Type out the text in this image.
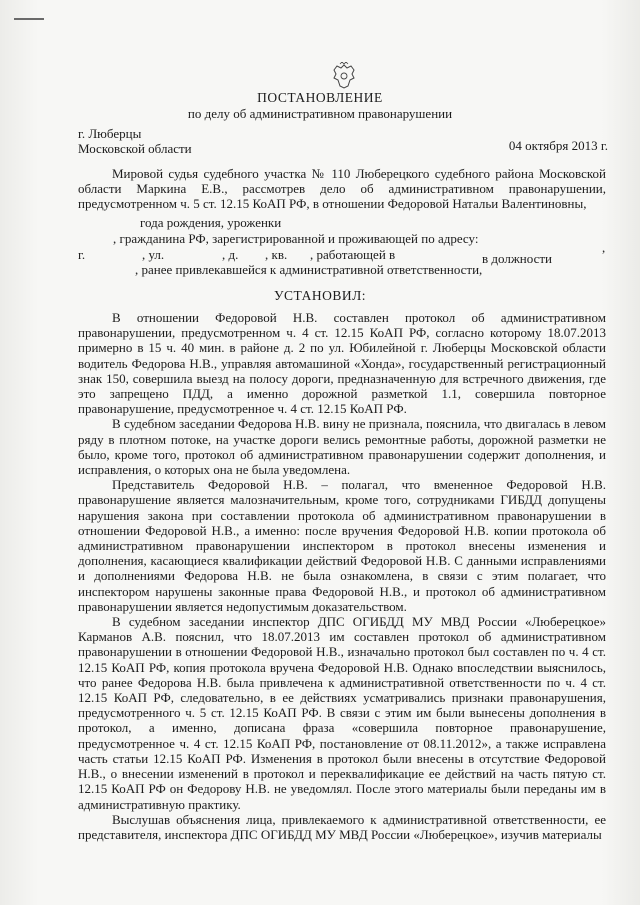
ПОСТАНОВЛЕНИЕ
по делу об административном правонарушении
г. Люберцы
Московской области	04 октября 2013 г.

Мировой судья судебного участка № 110 Люберецкого судебного района Московской области Маркина Е.В., рассмотрев дело об административном правонарушении, предусмотренном ч. 5 ст. 12.15 КоАП РФ, в отношении Федоровой Натальи Валентиновны,

года рождения, уроженки
, гражданина РФ, зарегистрированной и проживающей по адресу:
г.	, ул.	, д. , кв. , работающей в	в должности
,
, ранее привлекавшейся к административной ответственности,
УСТАНОВИЛ:

В отношении Федоровой Н.В. составлен протокол об административном правонарушении, предусмотренном ч. 4 ст. 12.15 КоАП РФ, согласно которому 18.07.2013 примерно в 15 ч. 40 мин. в районе д. 2 по ул. Юбилейной г. Люберцы Московской области водитель Федорова Н.В., управляя автомашиной «Хонда», государственный регистрационный знак 150, совершила выезд на полосу дороги, предназначенную для встречного движения, где это запрещено ПДД, а именно дорожной разметкой 1.1, совершила повторное правонарушение, предусмотренное ч. 4 ст. 12.15 КоАП РФ.

В судебном заседании Федорова Н.В. вину не признала, пояснила, что двигалась в левом ряду в плотном потоке, на участке дороги велись ремонтные работы, дорожной разметки не было, кроме того, протокол об административном правонарушении содержит дополнения, и исправления, о которых она не была уведомлена.

Представитель Федоровой Н.В. – полагал, что вмененное Федоровой Н.В. правонарушение является малозначительным, кроме того, сотрудниками ГИБДД допущены нарушения закона при составлении протокола об административном правонарушении в отношении Федоровой Н.В., а именно: после вручения Федоровой Н.В. копии протокола об административном правонарушении инспектором в протокол внесены изменения и дополнения, касающиеся квалификации действий Федоровой Н.В. С данными исправлениями и дополнениями Федорова Н.В. не была ознакомлена, в связи с этим полагает, что инспектором нарушены законные права Федоровой Н.В., и протокол об административном правонарушении является недопустимым доказательством.

В судебном заседании инспектор ДПС ОГИБДД МУ МВД России «Люберецкое» Карманов А.В. пояснил, что 18.07.2013 им составлен протокол об административном правонарушении в отношении Федоровой Н.В., изначально протокол был составлен по ч. 4 ст. 12.15 КоАП РФ, копия протокола вручена Федоровой Н.В. Однако впоследствии выяснилось, что ранее Федорова Н.В. была привлечена к административной ответственности по ч. 4 ст. 12.15 КоАП РФ, следовательно, в ее действиях усматривались признаки правонарушения, предусмотренного ч. 5 ст. 12.15 КоАП РФ. В связи с этим им были вынесены дополнения в протокол, а именно, дописана фраза «совершила повторное правонарушение, предусмотренное ч. 4 ст. 12.15 КоАП РФ, постановление от 08.11.2012», а также исправлена часть статьи 12.15 КоАП РФ. Изменения в протокол были внесены в отсутствие Федоровой Н.В., о внесении изменений в протокол и переквалификацие ее действий на часть пятую ст. 12.15 КоАП РФ он Федорову Н.В. не уведомлял. После этого материалы были переданы им в административную практику.

Выслушав объяснения лица, привлекаемого к административной ответственности, ее представителя, инспектора ДПС ОГИБДД МУ МВД России «Люберецкое», изучив материалы
